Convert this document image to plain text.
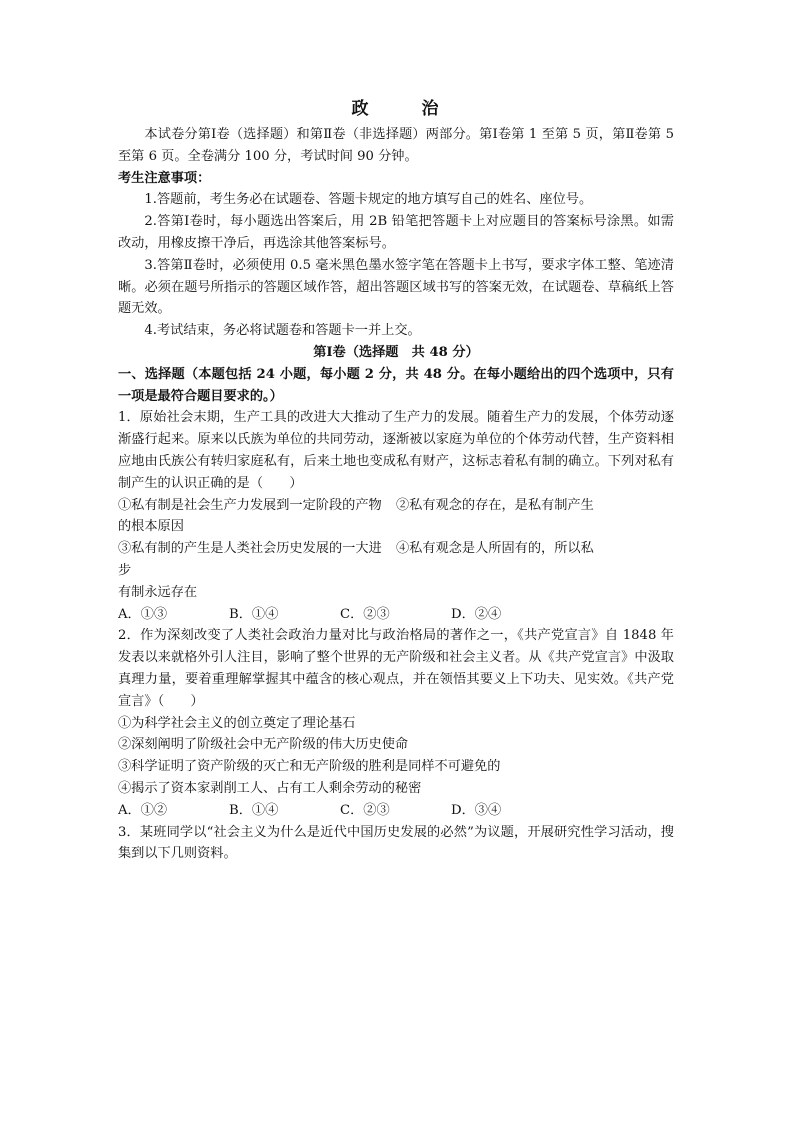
政　治

本试卷分第Ⅰ卷（选择题）和第Ⅱ卷（非选择题）两部分。第Ⅰ卷第 1 至第 5 页，第Ⅱ卷第 5 至第 6 页。全卷满分 100 分，考试时间 90 分钟。

考生注意事项：

1.答题前，考生务必在试题卷、答题卡规定的地方填写自己的姓名、座位号。

2.答第Ⅰ卷时，每小题选出答案后，用 2B 铅笔把答题卡上对应题目的答案标号涂黑。如需改动，用橡皮擦干净后，再选涂其他答案标号。

3.答第Ⅱ卷时，必须使用 0.5 毫米黑色墨水签字笔在答题卡上书写，要求字体工整、笔迹清晰。必须在题号所指示的答题区域作答，超出答题区域书写的答案无效，在试题卷、草稿纸上答题无效。

4.考试结束，务必将试题卷和答题卡一并上交。

第Ⅰ卷（选择题　共 48 分）

一、选择题（本题包括 24 小题，每小题 2 分，共 48 分。在每小题给出的四个选项中，只有一项是最符合题目要求的。）

1．原始社会末期，生产工具的改进大大推动了生产力的发展。随着生产力的发展，个体劳动逐渐盛行起来。原来以氏族为单位的共同劳动，逐渐被以家庭为单位的个体劳动代替，生产资料相应地由氏族公有转归家庭私有，后来土地也变成私有财产，这标志着私有制的确立。下列对私有制产生的认识正确的是（　　）

①私有制是社会生产力发展到一定阶段的产物	②私有观念的存在，是私有制产生

的根本原因

③私有制的产生是人类社会历史发展的一大进步
④私有观念是人所固有的，所以私

有制永远存在

A．①③	B．①④	C．②③	D．②④

2．作为深刻改变了人类社会政治力量对比与政治格局的著作之一，《共产党宣言》自 1848 年发表以来就格外引人注目，影响了整个世界的无产阶级和社会主义者。从《共产党宣言》中汲取真理力量，要着重理解掌握其中蕴含的核心观点，并在领悟其要义上下功夫、见实效。《共产党宣言》（　　）

①为科学社会主义的创立奠定了理论基石

②深刻阐明了阶级社会中无产阶级的伟大历史使命

③科学证明了资产阶级的灭亡和无产阶级的胜利是同样不可避免的

④揭示了资本家剥削工人、占有工人剩余劳动的秘密

A．①②	B．①④	C．②③	D．③④

3．某班同学以“社会主义为什么是近代中国历史发展的必然”为议题，开展研究性学习活动，搜集到以下几则资料。
